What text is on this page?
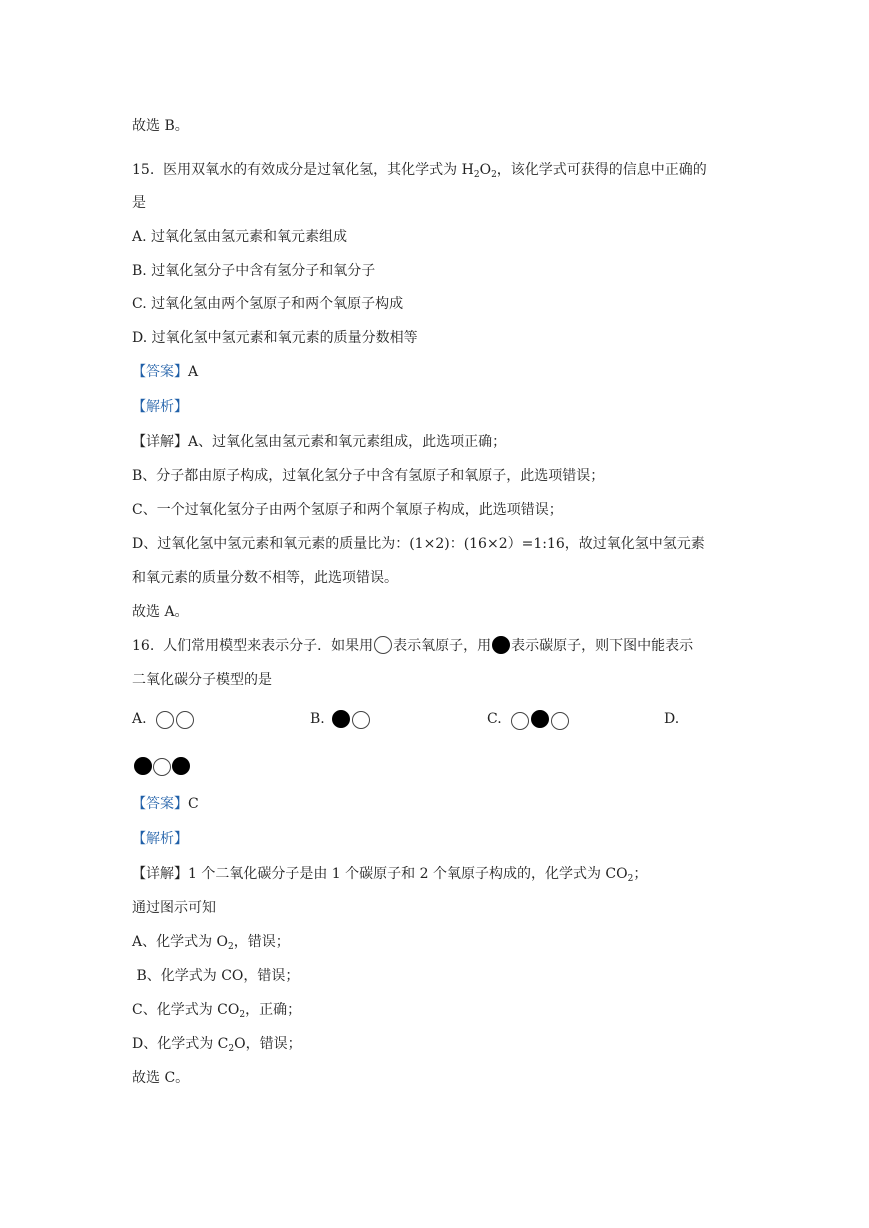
故选 B。
15. 医用双氧水的有效成分是过氧化氢，其化学式为 $H_2O_2$，该化学式可获得的信息中正确的
是
A. 过氧化氢由氢元素和氧元素组成
B. 过氧化氢分子中含有氢分子和氧分子
C. 过氧化氢由两个氢原子和两个氧原子构成
D. 过氧化氢中氢元素和氧元素的质量分数相等
【答案】A
【解析】
【详解】A、过氧化氢由氢元素和氧元素组成，此选项正确；
B、分子都由原子构成，过氧化氢分子中含有氢原子和氧原子，此选项错误；
C、一个过氧化氢分子由两个氢原子和两个氧原子构成，此选项错误；
D、过氧化氢中氢元素和氧元素的质量比为：(1×2)：(16×2）=1:16，故过氧化氢中氢元素
和氧元素的质量分数不相等，此选项错误。
故选 A。
16. 人们常用模型来表示分子．如果用 表示氧原子，用 表示碳原子，则下图中能表示
二氧化碳分子模型的是
A.	B.	C.	D.
【答案】C
【解析】
【详解】1 个二氧化碳分子是由 1 个碳原子和 2 个氧原子构成的，化学式为 $CO_2$；
通过图示可知
A、化学式为 $O_2$，错误；
B、化学式为 CO，错误；
C、化学式为 $CO_2$，正确；
D、化学式为 $C_2O$，错误；
故选 C。
